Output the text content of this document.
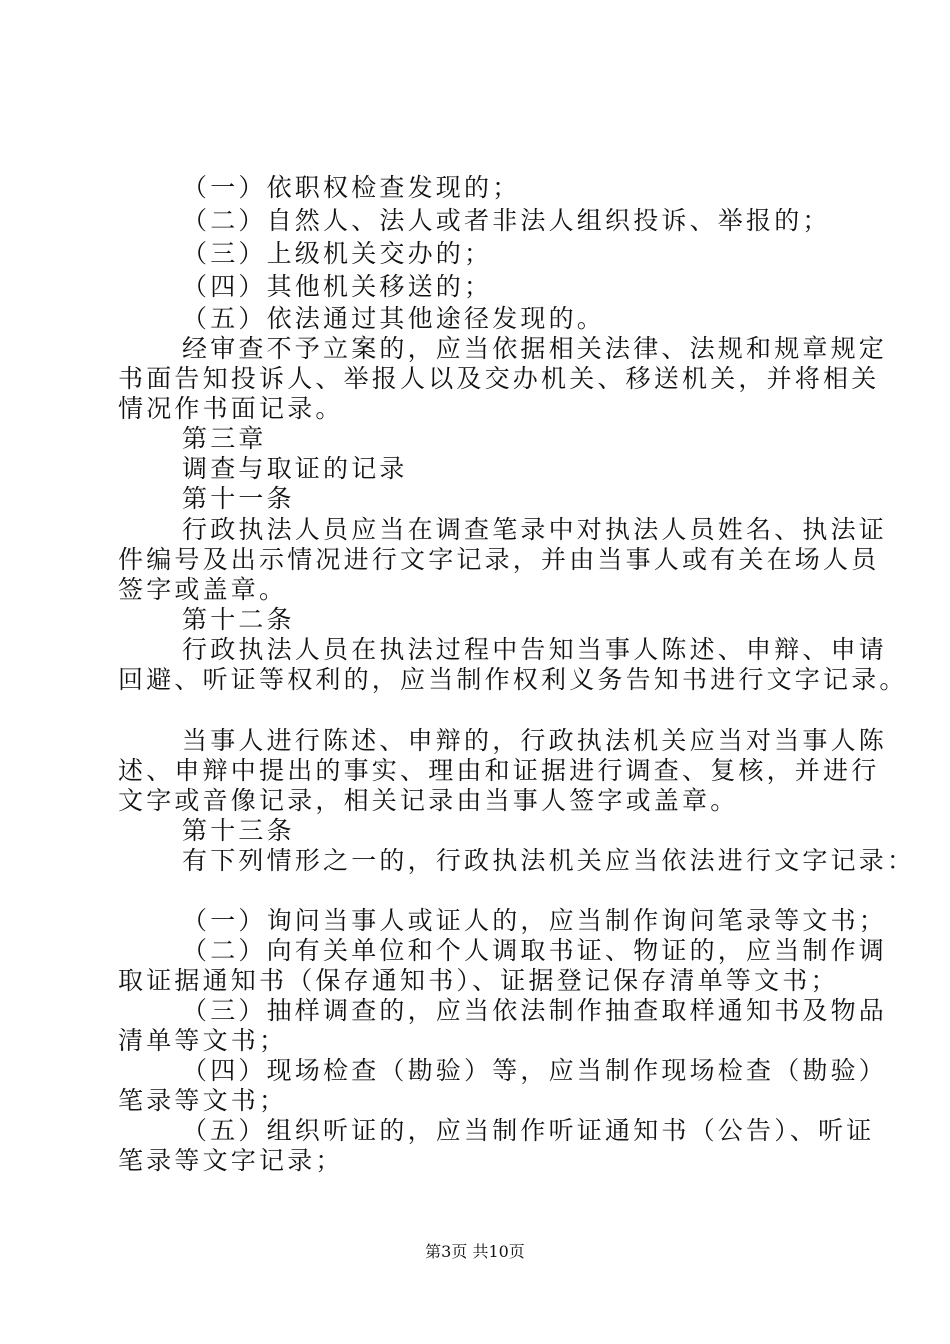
（一）依职权检查发现的；
（二）自然人、法人或者非法人组织投诉、举报的；
（三）上级机关交办的；
（四）其他机关移送的；
（五）依法通过其他途径发现的。
经审查不予立案的，应当依据相关法律、法规和规章规定
书面告知投诉人、举报人以及交办机关、移送机关，并将相关
情况作书面记录。
第三章
调查与取证的记录
第十一条
行政执法人员应当在调查笔录中对执法人员姓名、执法证
件编号及出示情况进行文字记录，并由当事人或有关在场人员
签字或盖章。
第十二条
行政执法人员在执法过程中告知当事人陈述、申辩、申请
回避、听证等权利的，应当制作权利义务告知书进行文字记录。
当事人进行陈述、申辩的，行政执法机关应当对当事人陈
述、申辩中提出的事实、理由和证据进行调查、复核，并进行
文字或音像记录，相关记录由当事人签字或盖章。
第十三条
有下列情形之一的，行政执法机关应当依法进行文字记录：
（一）询问当事人或证人的，应当制作询问笔录等文书；
（二）向有关单位和个人调取书证、物证的，应当制作调
取证据通知书（保存通知书）、证据登记保存清单等文书；
（三）抽样调查的，应当依法制作抽查取样通知书及物品
清单等文书；
（四）现场检查（勘验）等，应当制作现场检查（勘验）
笔录等文书；
（五）组织听证的，应当制作听证通知书（公告）、听证
笔录等文字记录；
第3页 共10页
